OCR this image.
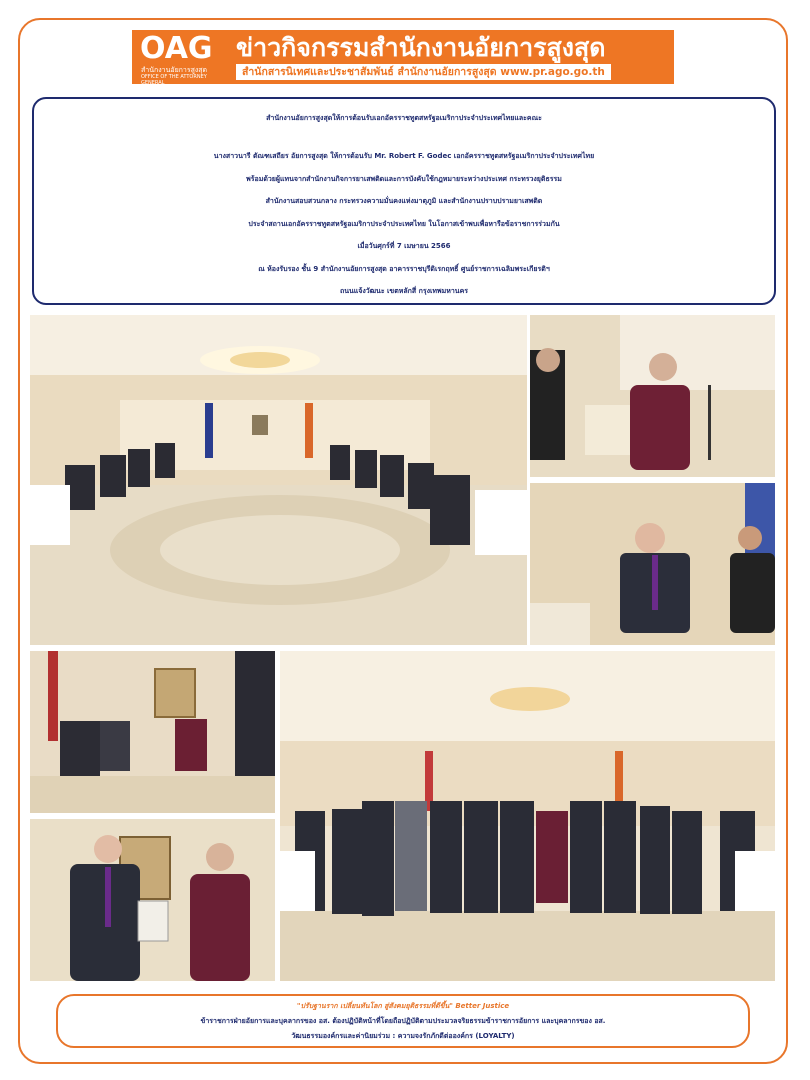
OAG
สำนักงานอัยการสูงสุด
OFFICE OF THE ATTORNEY GENERAL
ข่าวกิจกรรมสำนักงานอัยการสูงสุด
สำนักสารนิเทศและประชาสัมพันธ์ สำนักงานอัยการสูงสุด www.pr.ago.go.th
สำนักงานอัยการสูงสุดให้การต้อนรับเอกอัครราชทูตสหรัฐอเมริกาประจำประเทศไทยและคณะ
นางสาวนารี ตัณฑเสถียร อัยการสูงสุด ให้การต้อนรับ Mr. Robert F. Godec เอกอัครราชทูตสหรัฐอเมริกาประจำประเทศไทย
พร้อมด้วยผู้แทนจากสำนักงานกิจการยาเสพติดและการบังคับใช้กฎหมายระหว่างประเทศ กระทรวงยุติธรรม
สำนักงานสอบสวนกลาง กระทรวงความมั่นคงแห่งมาตุภูมิ และสำนักงานปราบปรามยาเสพติด
ประจำสถานเอกอัครราชทูตสหรัฐอเมริกาประจำประเทศไทย ในโอกาสเข้าพบเพื่อหารือข้อราชการร่วมกัน
เมื่อวันศุกร์ที่ 7 เมษายน 2566
ณ ห้องรับรอง ชั้น 9 สำนักงานอัยการสูงสุด อาคารราชบุรีดิเรกฤทธิ์ ศูนย์ราชการเฉลิมพระเกียรติฯ
ถนนแจ้งวัฒนะ เขตหลักสี่ กรุงเทพมหานคร
"ปรับฐานราก เปลี่ยนทันโลก สู่สังคมยุติธรรมที่ดีขึ้น" Better Justice
ข้าราชการฝ่ายอัยการและบุคลากรของ อส. ต้องปฏิบัติหน้าที่โดยถือปฏิบัติตามประมวลจริยธรรมข้าราชการอัยการ และบุคลากรของ อส.
วัฒนธรรมองค์กรและค่านิยมร่วม : ความจงรักภักดีต่อองค์กร (LOYALTY)
